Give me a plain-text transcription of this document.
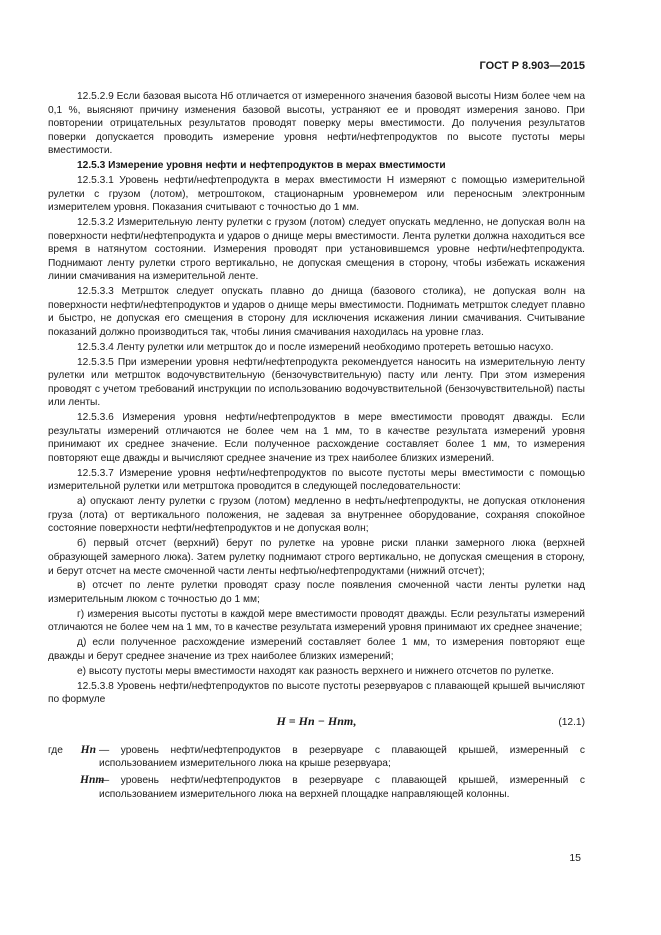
ГОСТ Р 8.903—2015

12.5.2.9 Если базовая высота Hб отличается от измеренного значения базовой высоты Hизм более чем на 0,1 %, выясняют причину изменения базовой высоты, устраняют ее и проводят измерения заново. При повторении отрицательных результатов проводят поверку меры вместимости. До получения результатов поверки допускается проводить измерение уровня нефти/нефтепродуктов по высоте пустоты меры вместимости.

12.5.3 Измерение уровня нефти и нефтепродуктов в мерах вместимости

12.5.3.1 Уровень нефти/нефтепродукта в мерах вместимости H измеряют с помощью измерительной рулетки с грузом (лотом), метроштоком, стационарным уровнемером или переносным электронным измерителем уровня. Показания считывают с точностью до 1 мм.

12.5.3.2 Измерительную ленту рулетки с грузом (лотом) следует опускать медленно, не допуская волн на поверхности нефти/нефтепродукта и ударов о днище меры вместимости. Лента рулетки должна находиться все время в натянутом состоянии. Измерения проводят при установившемся уровне нефти/нефтепродукта. Поднимают ленту рулетки строго вертикально, не допуская смещения в сторону, чтобы избежать искажения линии смачивания на измерительной ленте.

12.5.3.3 Метршток следует опускать плавно до днища (базового столика), не допуская волн на поверхности нефти/нефтепродуктов и ударов о днище меры вместимости. Поднимать метршток следует плавно и быстро, не допуская его смещения в сторону для исключения искажения линии смачивания. Считывание показаний должно производиться так, чтобы линия смачивания находилась на уровне глаз.

12.5.3.4 Ленту рулетки или метршток до и после измерений необходимо протереть ветошью насухо.

12.5.3.5 При измерении уровня нефти/нефтепродукта рекомендуется наносить на измерительную ленту рулетки или метршток водочувствительную (бензочувствительную) пасту или ленту. При этом измерения проводят с учетом требований инструкции по использованию водочувствительной (бензочувствительной) пасты или ленты.

12.5.3.6 Измерения уровня нефти/нефтепродуктов в мере вместимости проводят дважды. Если результаты измерений отличаются не более чем на 1 мм, то в качестве результата измерений уровня принимают их среднее значение. Если полученное расхождение составляет более 1 мм, то измерения повторяют еще дважды и вычисляют среднее значение из трех наиболее близких измерений.

12.5.3.7 Измерение уровня нефти/нефтепродуктов по высоте пустоты меры вместимости с помощью измерительной рулетки или метрштока проводится в следующей последовательности:

а) опускают ленту рулетки с грузом (лотом) медленно в нефть/нефтепродукты, не допуская отклонения груза (лота) от вертикального положения, не задевая за внутреннее оборудование, сохраняя спокойное состояние поверхности нефти/нефтепродуктов и не допуская волн;

б) первый отсчет (верхний) берут по рулетке на уровне риски планки замерного люка (верхней образующей замерного люка). Затем рулетку поднимают строго вертикально, не допуская смещения в сторону, и берут отсчет на месте смоченной части ленты нефтью/нефтепродуктами (нижний отсчет);

в) отсчет по ленте рулетки проводят сразу после появления смоченной части ленты рулетки над измерительным люком с точностью до 1 мм;

г) измерения высоты пустоты в каждой мере вместимости проводят дважды. Если результаты измерений отличаются не более чем на 1 мм, то в качестве результата измерений уровня принимают их среднее значение;

д) если полученное расхождение измерений составляет более 1 мм, то измерения повторяют еще дважды и берут среднее значение из трех наиболее близких измерений;

е) высоту пустоты меры вместимости находят как разность верхнего и нижнего отсчетов по рулетке.

12.5.3.8 Уровень нефти/нефтепродуктов по высоте пустоты резервуаров с плавающей крышей вычисляют по формуле

H = Hп − Hпт,	(12.1)
где	Hп — уровень нефти/нефтепродуктов в резервуаре с плавающей крышей, измеренный с использованием измерительного люка на крыше резервуара;
Hпт
— уровень нефти/нефтепродуктов в резервуаре с плавающей крышей, измеренный с использованием измерительного люка на верхней площадке направляющей колонны.
15
